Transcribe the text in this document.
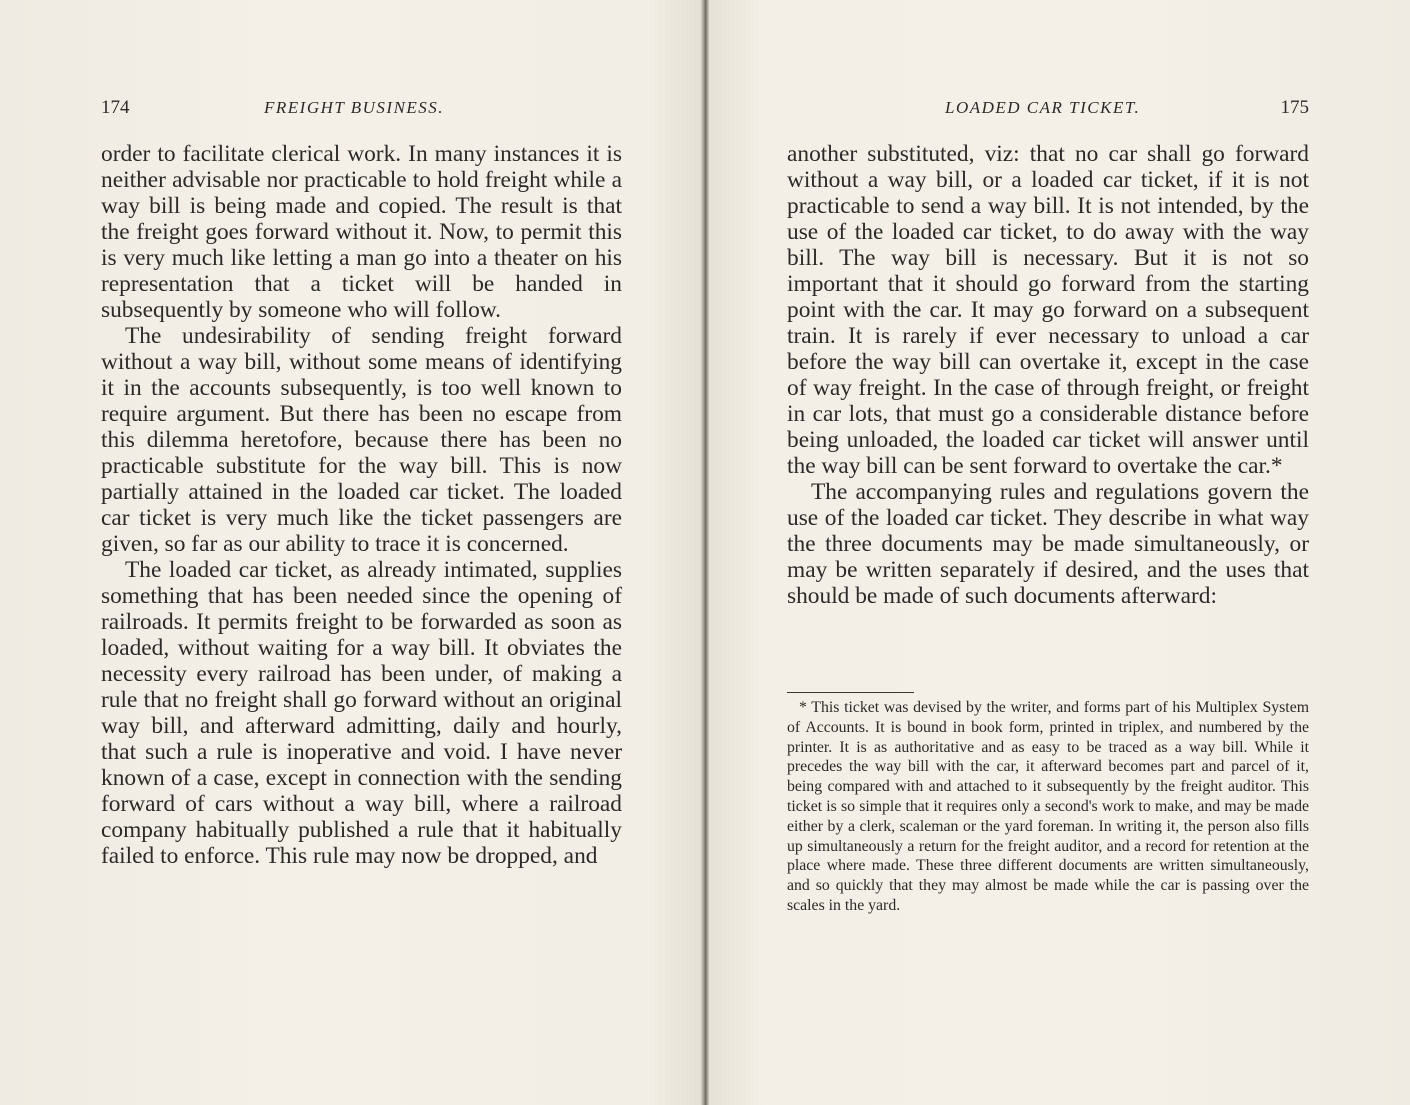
174	FREIGHT BUSINESS.

order to facilitate clerical work. In many instances it is neither advisable nor practicable to hold freight while a way bill is being made and copied. The result is that the freight goes forward without it. Now, to permit this is very much like letting a man go into a theater on his representation that a ticket will be handed in subsequently by someone who will follow.

The undesirability of sending freight forward without a way bill, without some means of identifying it in the accounts subsequently, is too well known to require argument. But there has been no escape from this dilemma heretofore, because there has been no practicable substitute for the way bill. This is now partially attained in the loaded car ticket. The loaded car ticket is very much like the ticket passengers are given, so far as our ability to trace it is concerned.

The loaded car ticket, as already intimated, supplies something that has been needed since the opening of railroads. It permits freight to be forwarded as soon as loaded, without waiting for a way bill. It obviates the necessity every railroad has been under, of making a rule that no freight shall go forward without an original way bill, and afterward admitting, daily and hourly, that such a rule is inoperative and void. I have never known of a case, except in connection with the sending forward of cars without a way bill, where a railroad company habitually published a rule that it habitually failed to enforce. This rule may now be dropped, and

LOADED CAR TICKET.	175

another substituted, viz: that no car shall go forward without a way bill, or a loaded car ticket, if it is not practicable to send a way bill. It is not intended, by the use of the loaded car ticket, to do away with the way bill. The way bill is necessary. But it is not so important that it should go forward from the starting point with the car. It may go forward on a subsequent train. It is rarely if ever necessary to unload a car before the way bill can overtake it, except in the case of way freight. In the case of through freight, or freight in car lots, that must go a considerable distance before being unloaded, the loaded car ticket will answer until the way bill can be sent forward to overtake the car.*

The accompanying rules and regulations govern the use of the loaded car ticket. They describe in what way the three documents may be made simultaneously, or may be written separately if desired, and the uses that should be made of such documents afterward:

* This ticket was devised by the writer, and forms part of his Multiplex System of Accounts. It is bound in book form, printed in triplex, and numbered by the printer. It is as authoritative and as easy to be traced as a way bill. While it precedes the way bill with the car, it afterward becomes part and parcel of it, being compared with and attached to it subsequently by the freight auditor. This ticket is so simple that it requires only a second's work to make, and may be made either by a clerk, scaleman or the yard foreman. In writing it, the person also fills up simultaneously a return for the freight auditor, and a record for retention at the place where made. These three different documents are written simultaneously, and so quickly that they may almost be made while the car is passing over the scales in the yard.
